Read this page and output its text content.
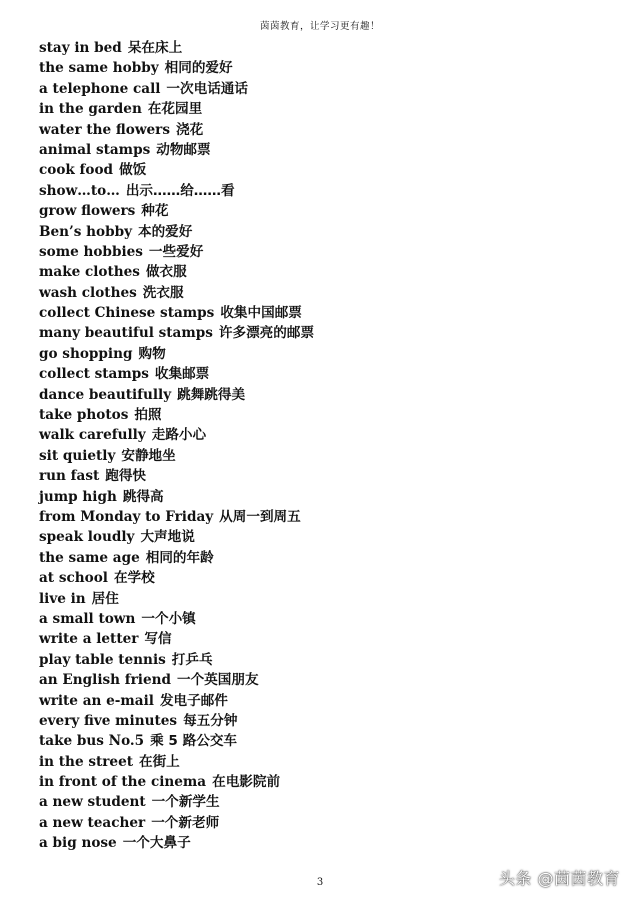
茵茵教育，让学习更有趣！
stay in bed 呆在床上
the same hobby 相同的爱好
a telephone call 一次电话通话
in the garden 在花园里
water the flowers 浇花
animal stamps 动物邮票
cook food 做饭
show…to… 出示……给……看
grow flowers 种花
Ben’s hobby 本的爱好
some hobbies 一些爱好
make clothes 做衣服
wash clothes 洗衣服
collect Chinese stamps 收集中国邮票
many beautiful stamps 许多漂亮的邮票
go shopping 购物
collect stamps 收集邮票
dance beautifully 跳舞跳得美
take photos 拍照
walk carefully 走路小心
sit quietly 安静地坐
run fast 跑得快
jump high 跳得高
from Monday to Friday 从周一到周五
speak loudly 大声地说
the same age 相同的年龄
at school 在学校
live in 居住
a small town 一个小镇
write a letter 写信
play table tennis 打乒乓
an English friend 一个英国朋友
write an e-mail 发电子邮件
every five minutes 每五分钟
take bus No.5 乘 5 路公交车
in the street 在街上
in front of the cinema 在电影院前
a new student 一个新学生
a new teacher 一个新老师
a big nose 一个大鼻子
3	头条 @茵茵教育
